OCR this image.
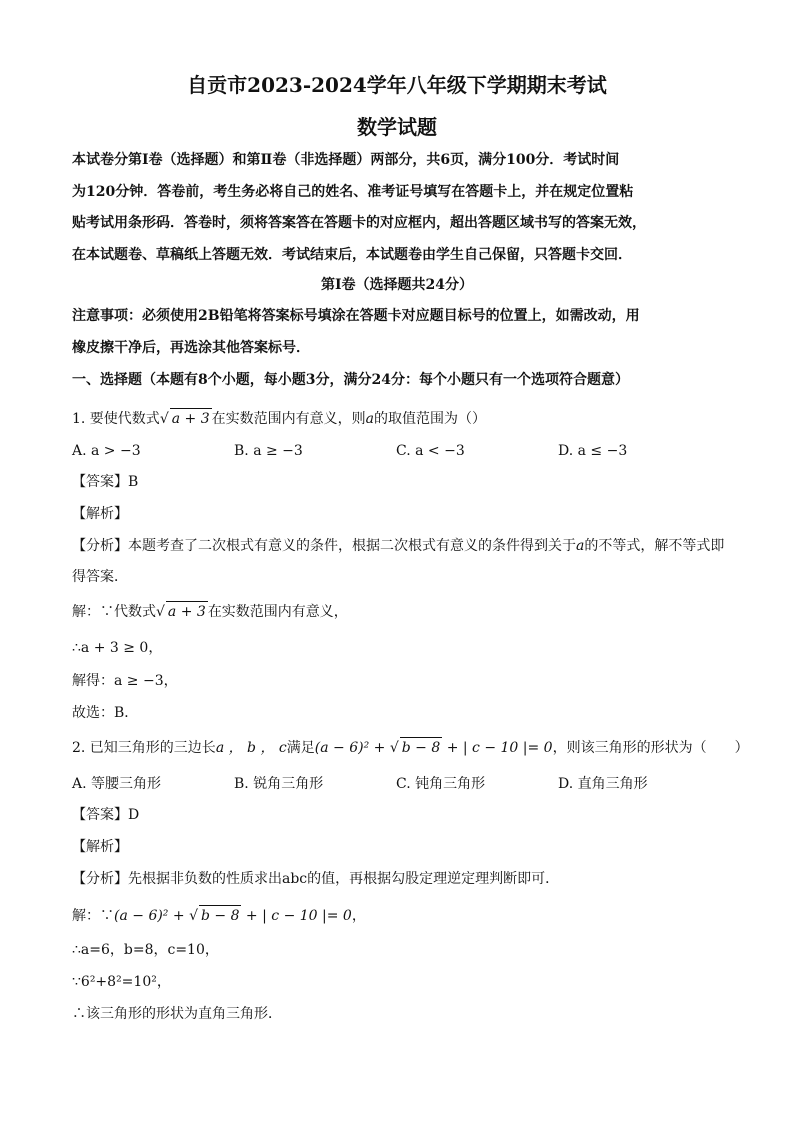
自贡市2023-2024学年八年级下学期期末考试
数学试题
本试卷分第Ⅰ卷（选择题）和第Ⅱ卷（非选择题）两部分，共6页，满分100分．考试时间
为120分钟．答卷前，考生务必将自己的姓名、准考证号填写在答题卡上，并在规定位置粘
贴考试用条形码．答卷时，须将答案答在答题卡的对应框内，超出答题区域书写的答案无效，
在本试题卷、草稿纸上答题无效．考试结束后，本试题卷由学生自己保留，只答题卡交回．
第Ⅰ卷（选择题共24分）
注意事项：必须使用2B铅笔将答案标号填涂在答题卡对应题目标号的位置上，如需改动，用
橡皮擦干净后，再选涂其他答案标号．
一、选择题（本题有8个小题，每小题3分，满分24分：每个小题只有一个选项符合题意）
1. 要使代数式√ a + 3 在实数范围内有意义，则a的取值范围为（）
A. a > −3	B. a ≥ −3	C. a < −3	D. a ≤ −3
【答案】B
【解析】
【分析】本题考查了二次根式有意义的条件，根据二次根式有意义的条件得到关于a的不等式，解不等式即
得答案．
解：∵代数式√ a + 3 在实数范围内有意义，
∴a + 3 ≥ 0，
解得：a ≥ −3，
故选：B．
2. 已知三角形的三边长a ， b ， c满足(a − 6)² + √ b − 8 + | c − 10 |= 0，则该三角形的形状为（　　）
A. 等腰三角形	B. 锐角三角形	C. 钝角三角形	D. 直角三角形
【答案】D
【解析】
【分析】先根据非负数的性质求出abc的值，再根据勾股定理逆定理判断即可．
解：∵(a − 6)² + √ b − 8 + | c − 10 |= 0，
∴a=6，b=8，c=10，
∵6²+8²=10²，
∴该三角形的形状为直角三角形．
